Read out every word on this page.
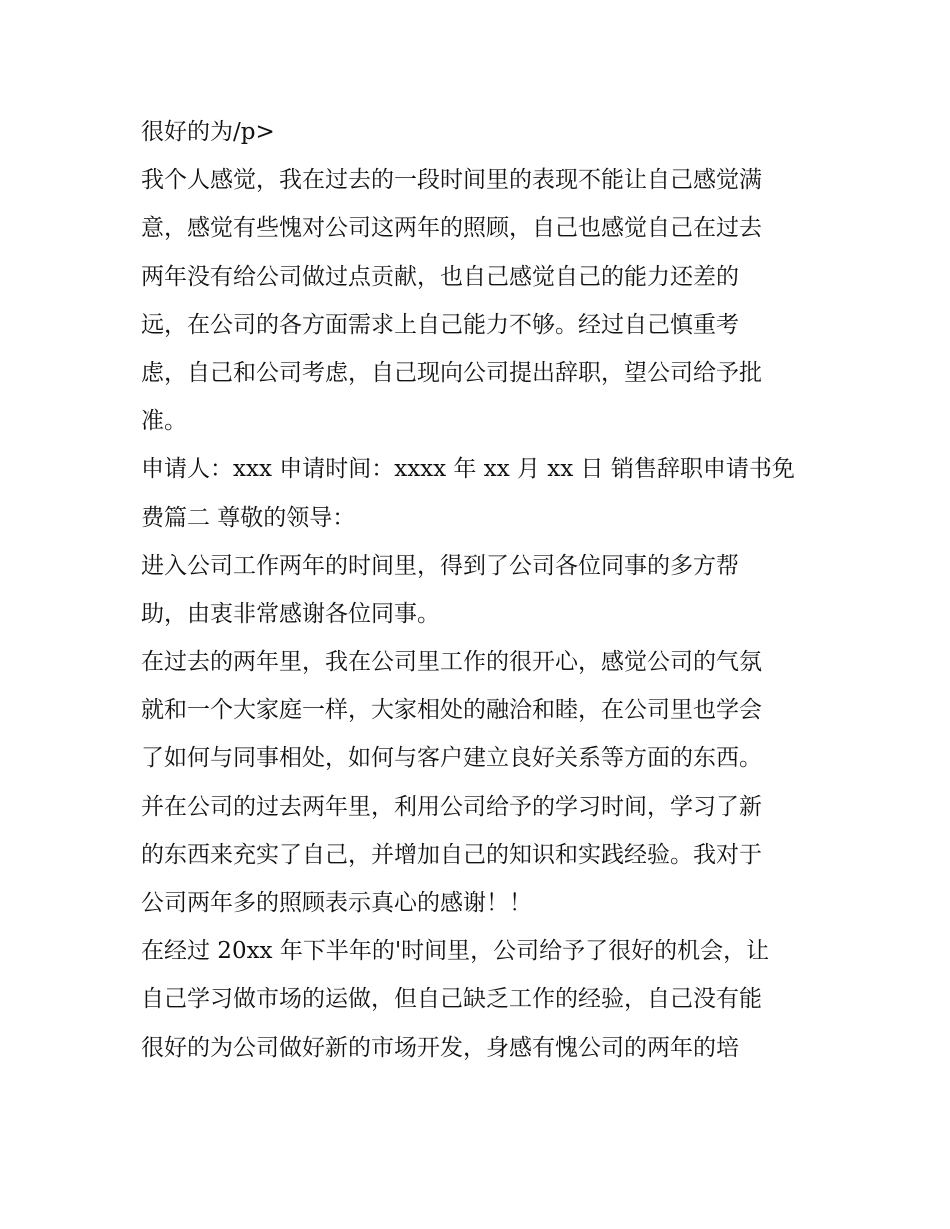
很好的为/p>
我个人感觉，我在过去的一段时间里的表现不能让自己感觉满
意，感觉有些愧对公司这两年的照顾，自己也感觉自己在过去
两年没有给公司做过点贡献，也自己感觉自己的能力还差的
远，在公司的各方面需求上自己能力不够。经过自己慎重考
虑，自己和公司考虑，自己现向公司提出辞职，望公司给予批
准。
申请人：xxx 申请时间：xxxx 年 xx 月 xx 日 销售辞职申请书免
费篇二 尊敬的领导：
进入公司工作两年的时间里，得到了公司各位同事的多方帮
助，由衷非常感谢各位同事。
在过去的两年里，我在公司里工作的很开心，感觉公司的气氛
就和一个大家庭一样，大家相处的融洽和睦，在公司里也学会
了如何与同事相处，如何与客户建立良好关系等方面的东西。
并在公司的过去两年里，利用公司给予的学习时间，学习了新
的东西来充实了自己，并增加自己的知识和实践经验。我对于
公司两年多的照顾表示真心的感谢！！
在经过 20xx 年下半年的'时间里，公司给予了很好的机会，让
自己学习做市场的运做，但自己缺乏工作的经验，自己没有能
很好的为公司做好新的市场开发，身感有愧公司的两年的培
